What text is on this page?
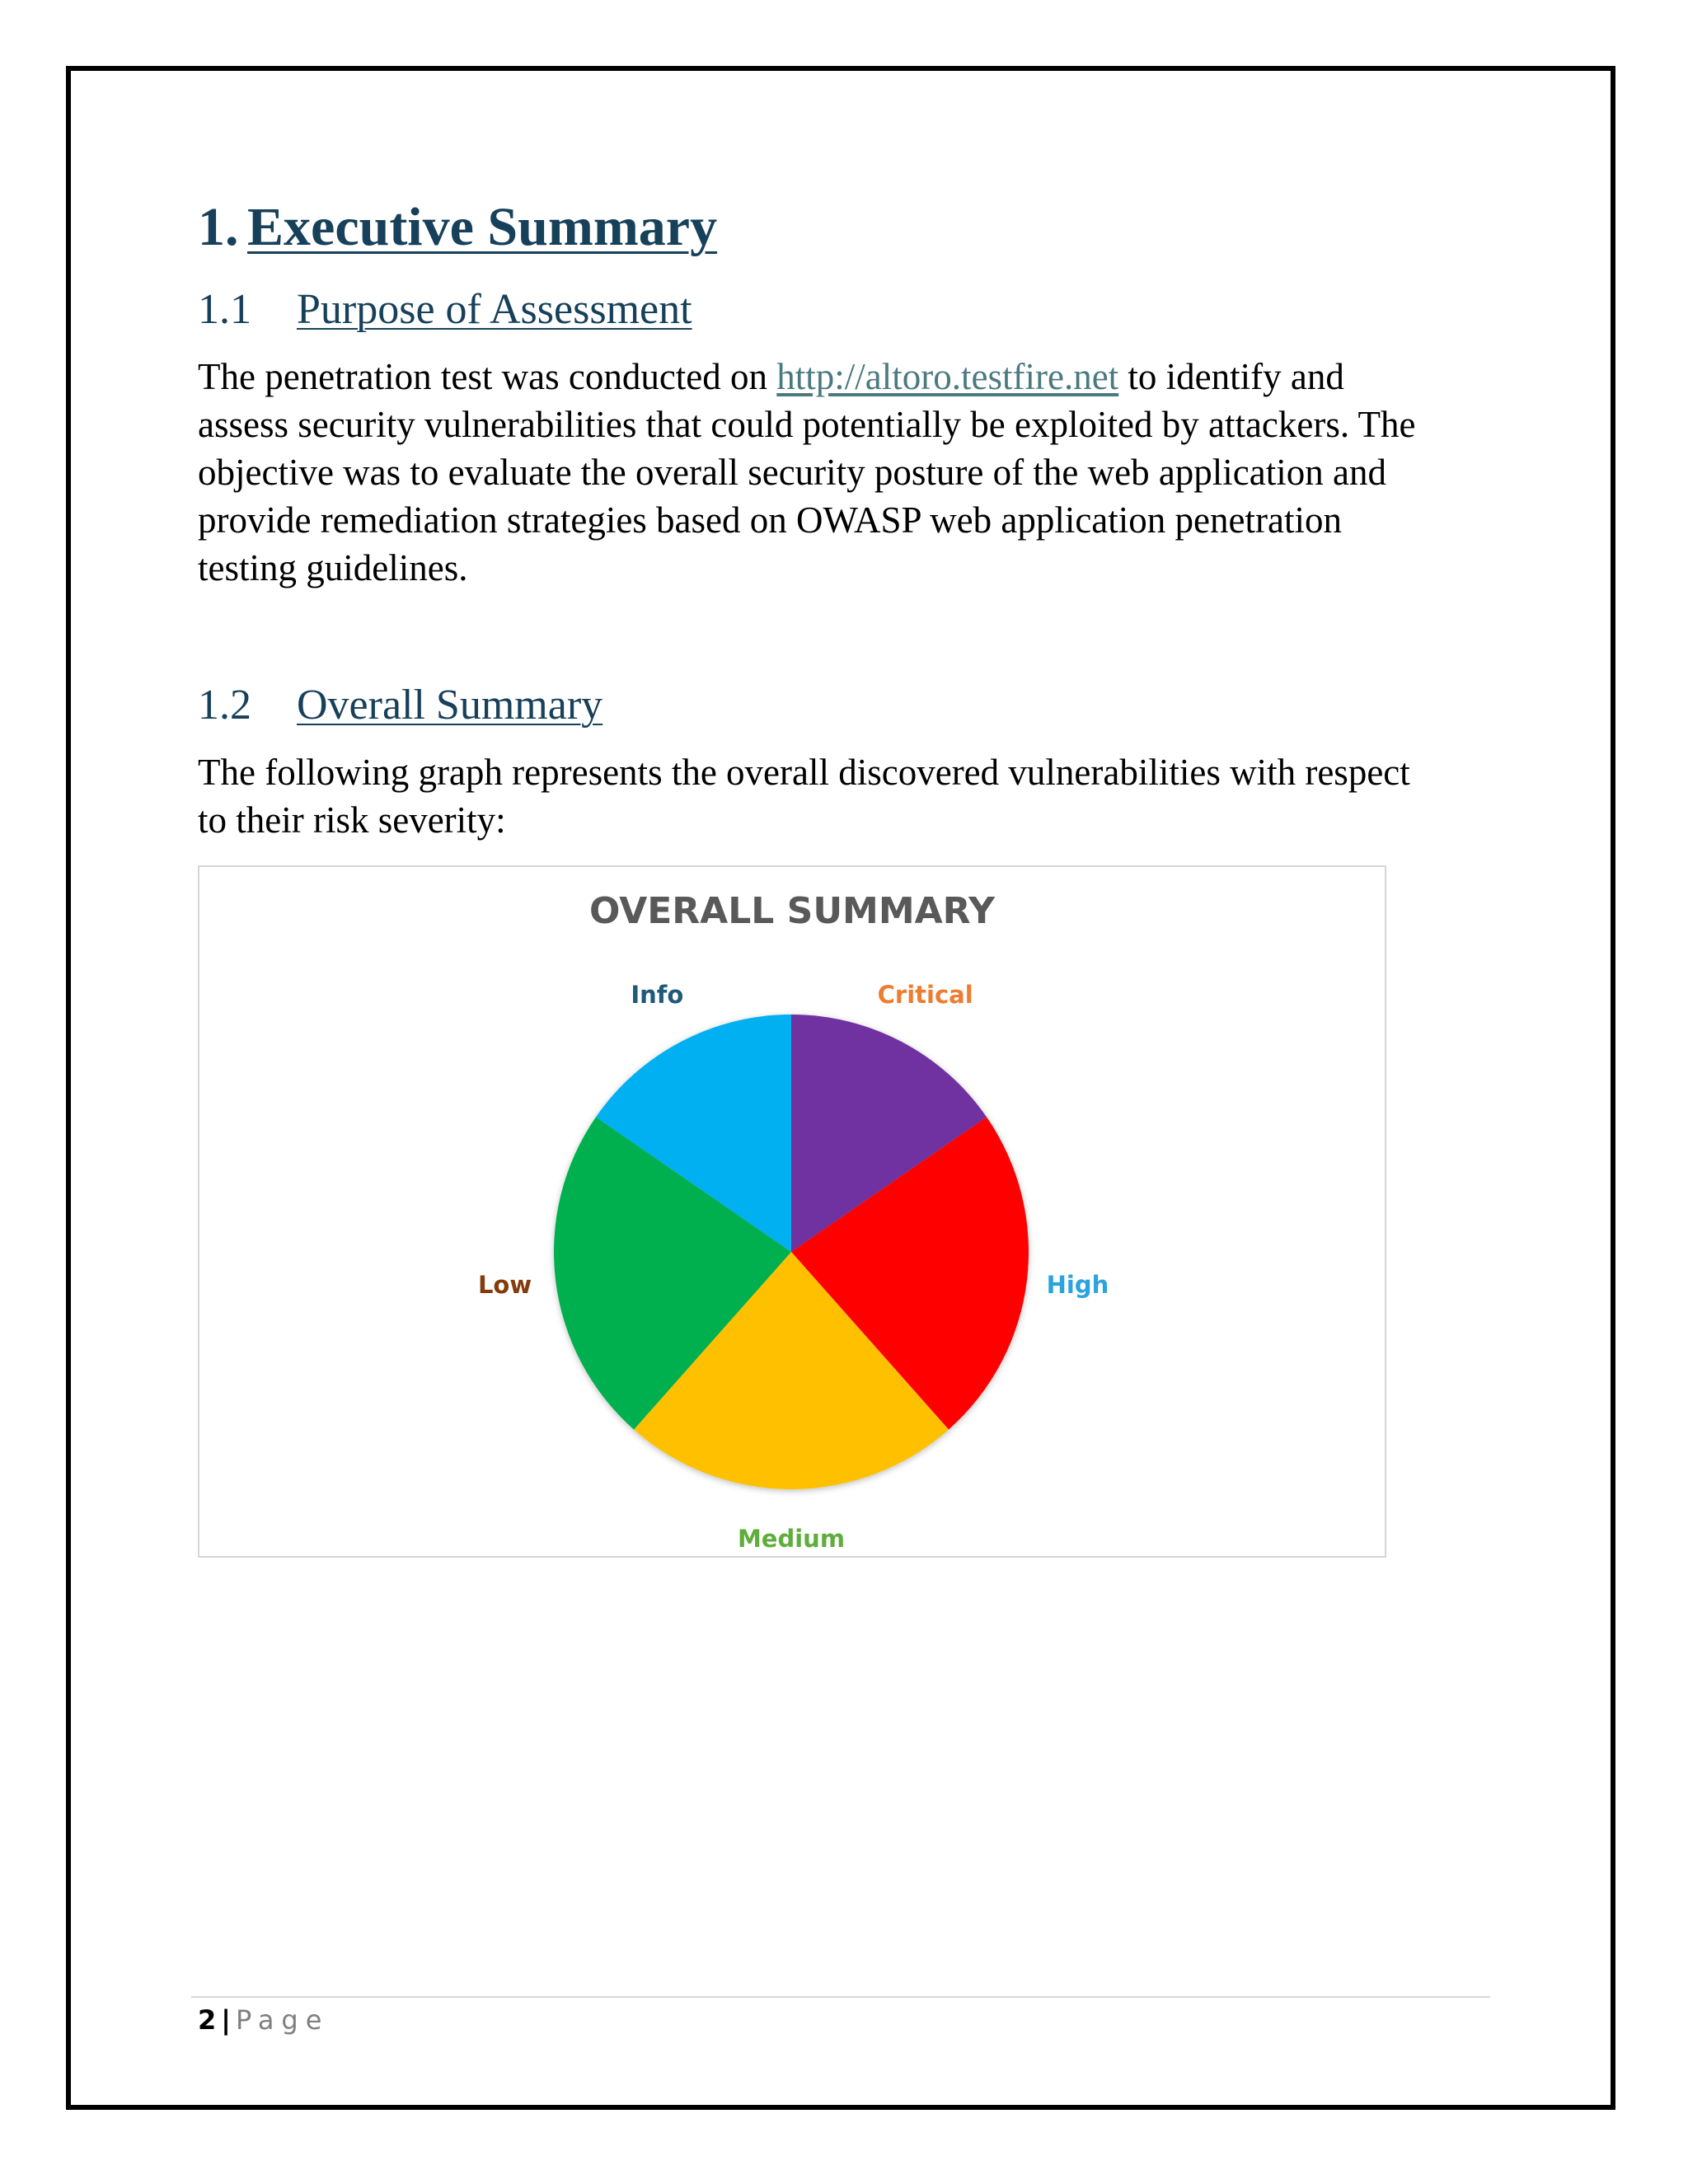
1. Executive Summary
1.1 Purpose of Assessment
The penetration test was conducted on http://altoro.testfire.net to identify and
assess security vulnerabilities that could potentially be exploited by attackers. The
objective was to evaluate the overall security posture of the web application and
provide remediation strategies based on OWASP web application penetration
testing guidelines.
1.2 Overall Summary
The following graph represents the overall discovered vulnerabilities with respect
to their risk severity:
OVERALL SUMMARY
Critical
High
Medium
Low
Info
2 | Page
